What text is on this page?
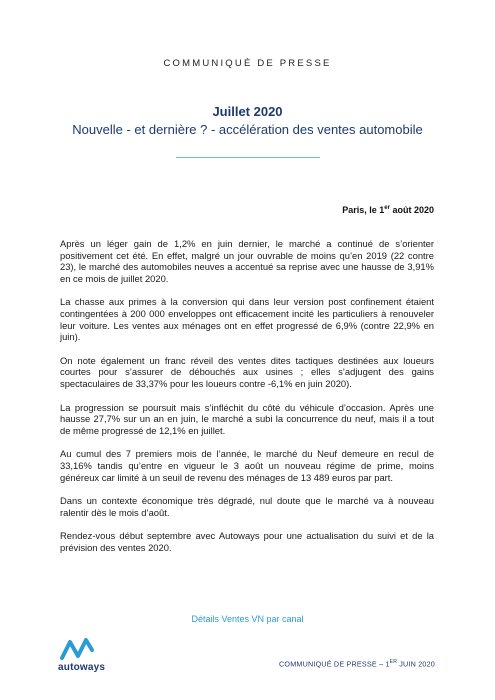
COMMUNIQUÉ DE PRESSE
Juillet 2020
Nouvelle - et dernière ? - accélération des ventes automobile
Paris, le 1er août 2020

Après un léger gain de 1,2% en juin dernier, le marché a continué de s’orienter positivement cet été. En effet, malgré un jour ouvrable de moins qu’en 2019 (22 contre 23), le marché des automobiles neuves a accentué sa reprise avec une hausse de 3,91% en ce mois de juillet 2020.

La chasse aux primes à la conversion qui dans leur version post confinement étaient contingentées à 200 000 enveloppes ont efficacement incité les particuliers à renouveler leur voiture. Les ventes aux ménages ont en effet progressé de 6,9% (contre 22,9% en juin).

On note également un franc réveil des ventes dites tactiques destinées aux loueurs courtes pour s’assurer de débouchés aux usines ; elles s’adjugent des gains spectaculaires de 33,37% pour les loueurs contre -6,1% en juin 2020).

La progression se poursuit mais s’infléchit du côté du véhicule d’occasion. Après une hausse 27,7% sur un an en juin, le marché a subi la concurrence du neuf, mais il a tout de même progressé de 12,1% en juillet.

Au cumul des 7 premiers mois de l’année, le marché du Neuf demeure en recul de 33,16% tandis qu’entre en vigueur le 3 août un nouveau régime de prime, moins généreux car limité à un seuil de revenu des ménages de 13 489 euros par part.

Dans un contexte économique très dégradé, nul doute que le marché va à nouveau ralentir dès le mois d’août.

Rendez-vous début septembre avec Autoways pour une actualisation du suivi et de la prévision des ventes 2020.

Détails Ventes VN par canal
autoways	COMMUNIQUÉ DE PRESSE – 1ER JUIN 2020
